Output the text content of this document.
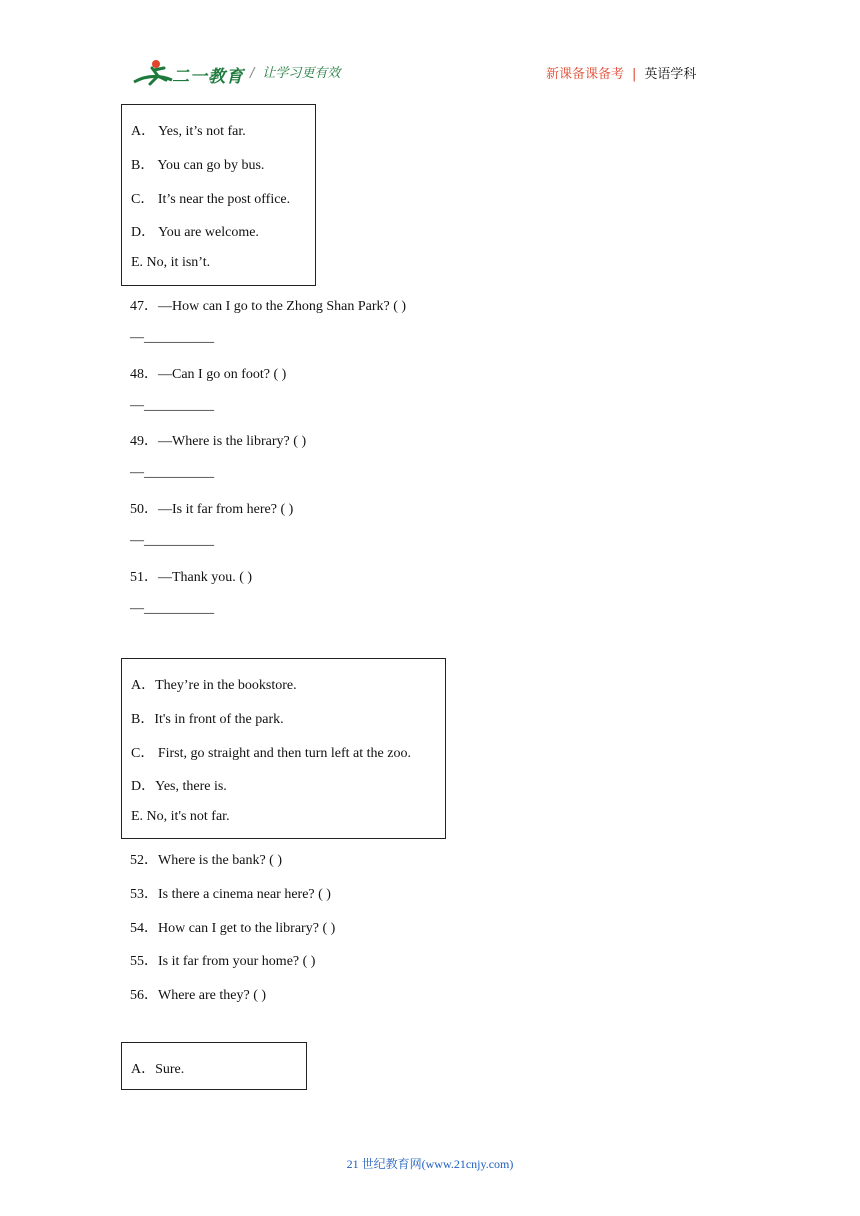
二一教育 / 让学习更有效	新课备课备考 | 英语学科
A． Yes, it’s not far.
B． You can go by bus.
C． It’s near the post office.
D． You are welcome.
E. No, it isn’t.
47．—How can I go to the Zhong Shan Park? ( )
—__________
48．—Can I go on foot? ( )
—__________
49．—Where is the library? ( )
—__________
50．—Is it far from here? ( )
—__________
51．—Thank you. ( )
—__________
A．They’re in the bookstore.
B．It's in front of the park.
C． First, go straight and then turn left at the zoo.
D．Yes, there is.
E. No, it's not far.
52．Where is the bank? ( )
53．Is there a cinema near here? ( )
54．How can I get to the library? ( )
55．Is it far from your home? ( )
56．Where are they? ( )
A．Sure.
21 世纪教育网(www.21cnjy.com)
